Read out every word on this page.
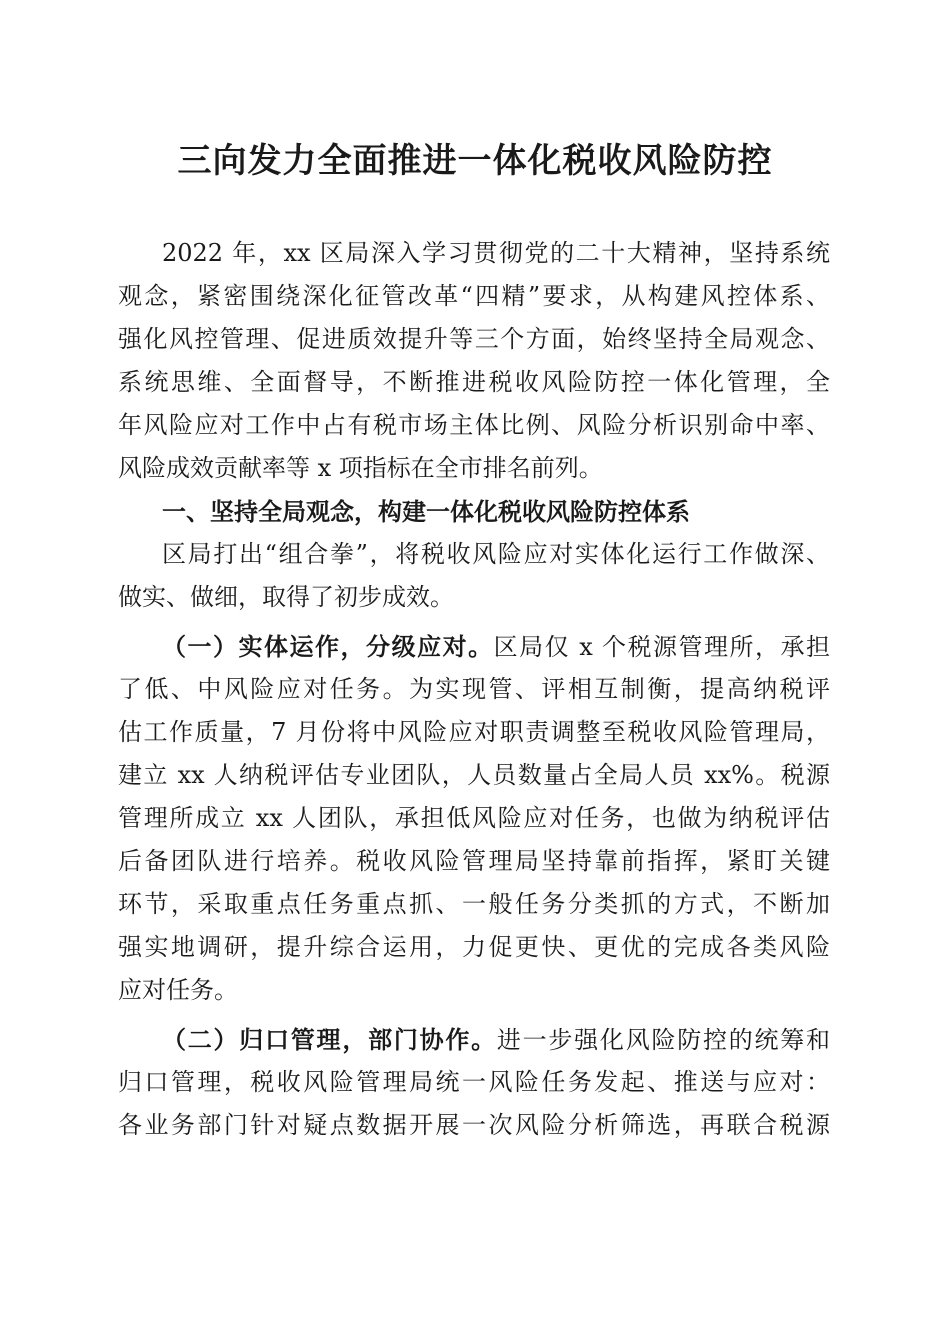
三向发力全面推进一体化税收风险防控
2022 年，xx 区局深入学习贯彻党的二十大精神，坚持系统
观念，紧密围绕深化征管改革“四精”要求，从构建风控体系、
强化风控管理、促进质效提升等三个方面，始终坚持全局观念、
系统思维、全面督导，不断推进税收风险防控一体化管理，全
年风险应对工作中占有税市场主体比例、风险分析识别命中率、
风险成效贡献率等 x 项指标在全市排名前列。
一、坚持全局观念，构建一体化税收风险防控体系
区局打出“组合拳”，将税收风险应对实体化运行工作做深、
做实、做细，取得了初步成效。
（一）实体运作，分级应对。区局仅 x 个税源管理所，承担
了低、中风险应对任务。为实现管、评相互制衡，提高纳税评
估工作质量，7 月份将中风险应对职责调整至税收风险管理局，
建立 xx 人纳税评估专业团队，人员数量占全局人员 xx%。税源
管理所成立 xx 人团队，承担低风险应对任务，也做为纳税评估
后备团队进行培养。税收风险管理局坚持靠前指挥，紧盯关键
环节，采取重点任务重点抓、一般任务分类抓的方式，不断加
强实地调研，提升综合运用，力促更快、更优的完成各类风险
应对任务。
（二）归口管理，部门协作。进一步强化风险防控的统筹和
归口管理，税收风险管理局统一风险任务发起、推送与应对：
各业务部门针对疑点数据开展一次风险分析筛选，再联合税源
